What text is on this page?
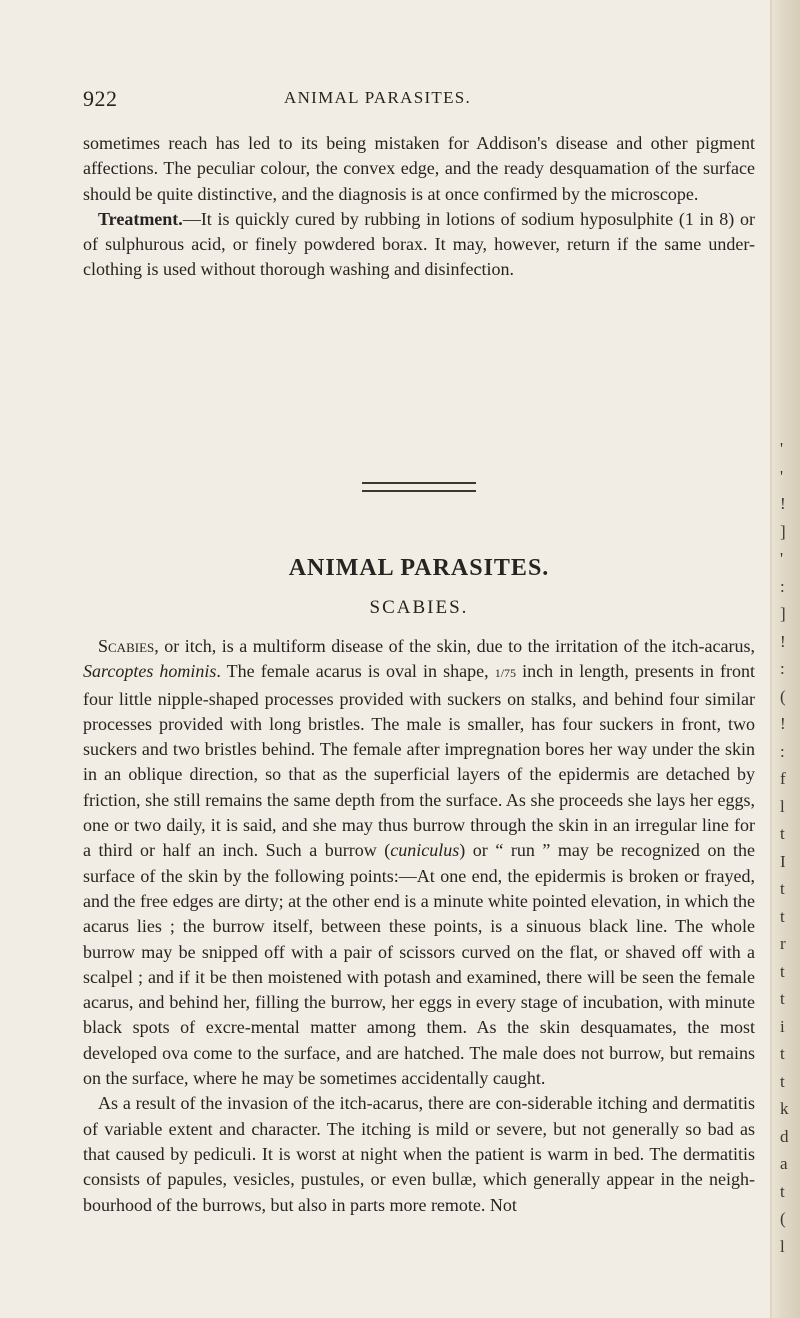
'
'
!
]
'
:
]
!
:
(
!
:
f
l
t
I
t
t
r
t
t
i
t
t
k
d
a
t
(
l
922	ANIMAL PARASITES.

sometimes reach has led to its being mistaken for Addison's disease and other pigment affections. The peculiar colour, the convex edge, and the ready desquamation of the surface should be quite distinctive, and the diagnosis is at once confirmed by the microscope.

Treatment.—It is quickly cured by rubbing in lotions of sodium hyposulphite (1 in 8) or of sulphurous acid, or finely powdered borax. It may, however, return if the same under-clothing is used without thorough washing and disinfection.

ANIMAL PARASITES.
SCABIES.

Scabies, or itch, is a multiform disease of the skin, due to the irritation of the itch-acarus, Sarcoptes hominis. The female acarus is oval in shape, 1/75 inch in length, presents in front four little nipple-shaped processes provided with suckers on stalks, and behind four similar processes provided with long bristles. The male is smaller, has four suckers in front, two suckers and two bristles behind. The female after impregnation bores her way under the skin in an oblique direction, so that as the superficial layers of the epidermis are detached by friction, she still remains the same depth from the surface. As she proceeds she lays her eggs, one or two daily, it is said, and she may thus burrow through the skin in an irregular line for a third or half an inch. Such a burrow (cuniculus) or “ run ” may be recognized on the surface of the skin by the following points:—At one end, the epidermis is broken or frayed, and the free edges are dirty; at the other end is a minute white pointed elevation, in which the acarus lies ; the burrow itself, between these points, is a sinuous black line. The whole burrow may be snipped off with a pair of scissors curved on the flat, or shaved off with a scalpel ; and if it be then moistened with potash and examined, there will be seen the female acarus, and behind her, filling the burrow, her eggs in every stage of incubation, with minute black spots of excre-mental matter among them. As the skin desquamates, the most developed ova come to the surface, and are hatched. The male does not burrow, but remains on the surface, where he may be sometimes accidentally caught.

As a result of the invasion of the itch-acarus, there are con-siderable itching and dermatitis of variable extent and character. The itching is mild or severe, but not generally so bad as that caused by pediculi. It is worst at night when the patient is warm in bed. The dermatitis consists of papules, vesicles, pustules, or even bullæ, which generally appear in the neigh-bourhood of the burrows, but also in parts more remote. Not
